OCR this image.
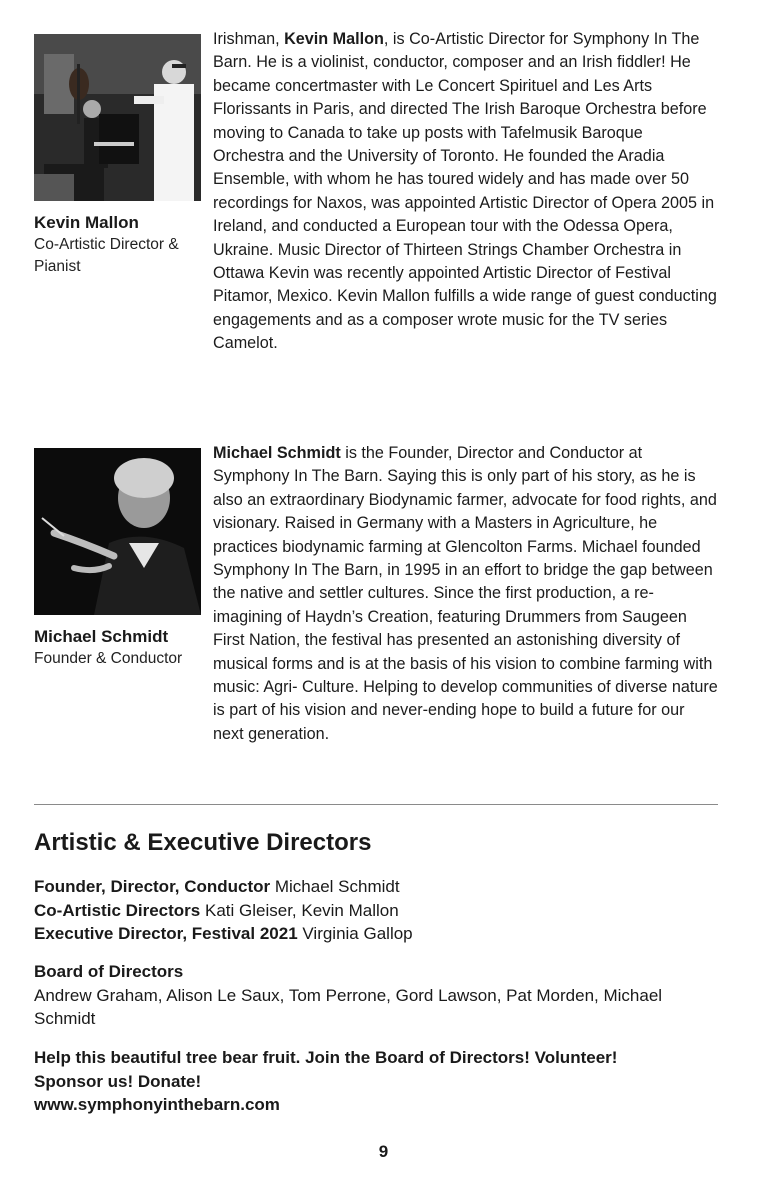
Kevin Mallon
Co-Artistic Director & Pianist

Irishman, Kevin Mallon, is Co-Artistic Director for Symphony In The Barn. He is a violinist, conductor, composer and an Irish fiddler! He became concertmaster with Le Concert Spirituel and Les Arts Florissants in Paris, and directed The Irish Baroque Orchestra before moving to Canada to take up posts with Tafelmusik Baroque Orchestra and the University of Toronto. He founded the Aradia Ensemble, with whom he has toured widely and has made over 50 recordings for Naxos, was appointed Artistic Director of Opera 2005 in Ireland, and conducted a European tour with the Odessa Opera, Ukraine. Music Director of Thirteen Strings Chamber Orchestra in Ottawa Kevin was recently appointed Artistic Director of Festival Pitamor, Mexico. Kevin Mallon fulfills a wide range of guest conducting engagements and as a composer wrote music for the TV series Camelot.

Michael Schmidt
Founder & Conductor

Michael Schmidt is the Founder, Director and Conductor at Symphony In The Barn. Saying this is only part of his story, as he is also an extraordinary Biodynamic farmer, advocate for food rights, and visionary. Raised in Germany with a Masters in Agriculture, he practices biodynamic farming at Glencolton Farms. Michael founded Symphony In The Barn, in 1995 in an effort to bridge the gap between the native and settler cultures. Since the first production, a re-imagining of Haydn’s Creation, featuring Drummers from Saugeen First Nation, the festival has presented an astonishing diversity of musical forms and is at the basis of his vision to combine farming with music: Agri- Culture. Helping to develop communities of diverse nature is part of his vision and never-ending hope to build a future for our next generation.

Artistic & Executive Directors
Founder, Director, Conductor Michael Schmidt
Co-Artistic Directors Kati Gleiser, Kevin Mallon
Executive Director, Festival 2021 Virginia Gallop
Board of Directors
Andrew Graham, Alison Le Saux, Tom Perrone, Gord Lawson, Pat Morden, Michael Schmidt
Help this beautiful tree bear fruit. Join the Board of Directors! Volunteer!
Sponsor us! Donate!
www.symphonyinthebarn.com
9
